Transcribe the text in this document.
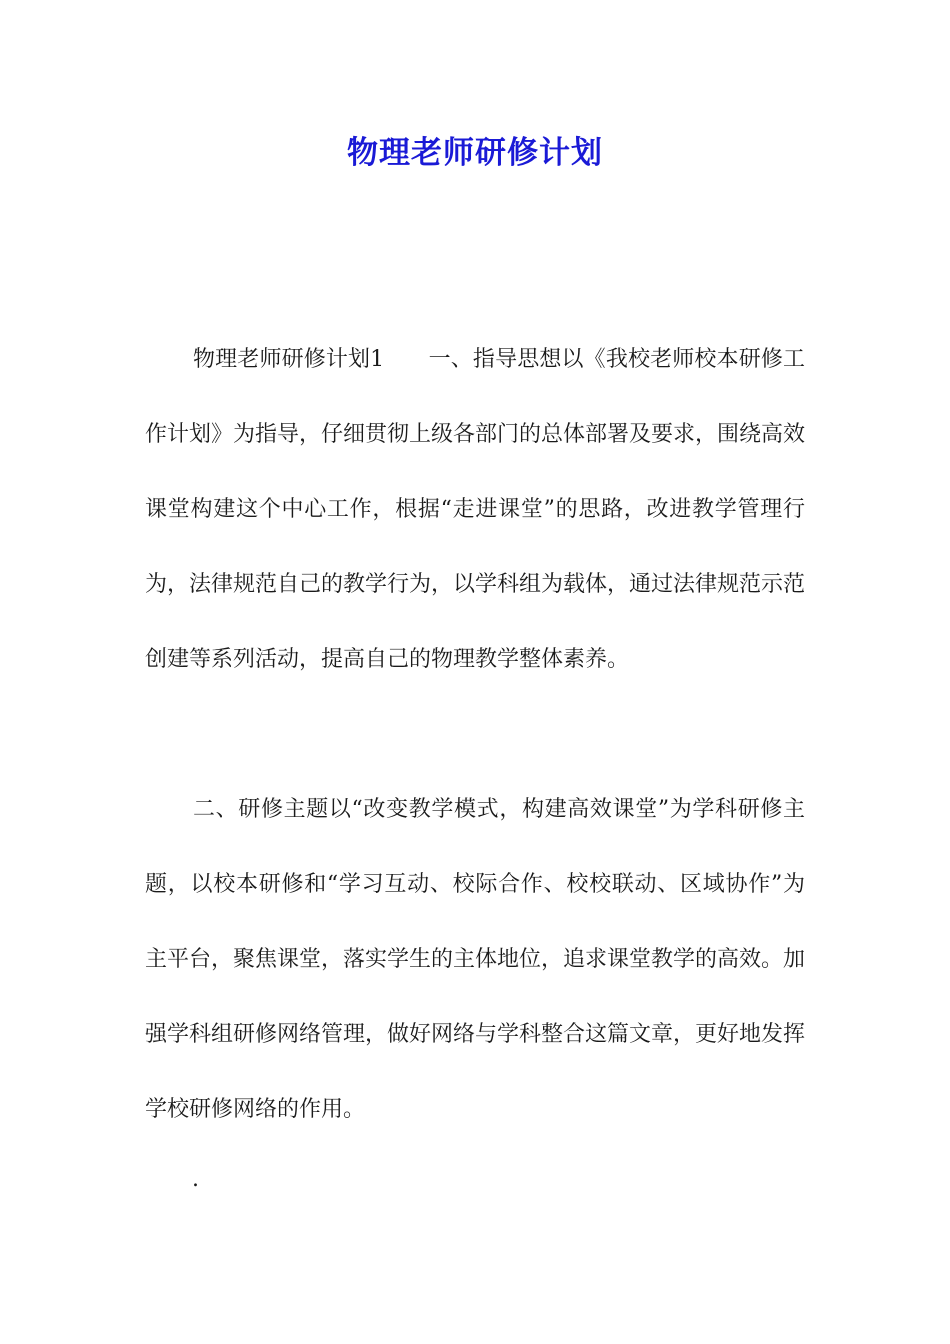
物理老师研修计划

物理老师研修计划1　　一、指导思想以《我校老师校本研修工作计划》为指导，仔细贯彻上级各部门的总体部署及要求，围绕高效课堂构建这个中心工作，根据“走进课堂”的思路，改进教学管理行为，法律规范自己的教学行为，以学科组为载体，通过法律规范示范创建等系列活动，提高自己的物理教学整体素养。

二、研修主题以“改变教学模式，构建高效课堂”为学科研修主题，以校本研修和“学习互动、校际合作、校校联动、区域协作”为主平台，聚焦课堂，落实学生的主体地位，追求课堂教学的高效。加强学科组研修网络管理，做好网络与学科整合这篇文章，更好地发挥学校研修网络的作用。

.
